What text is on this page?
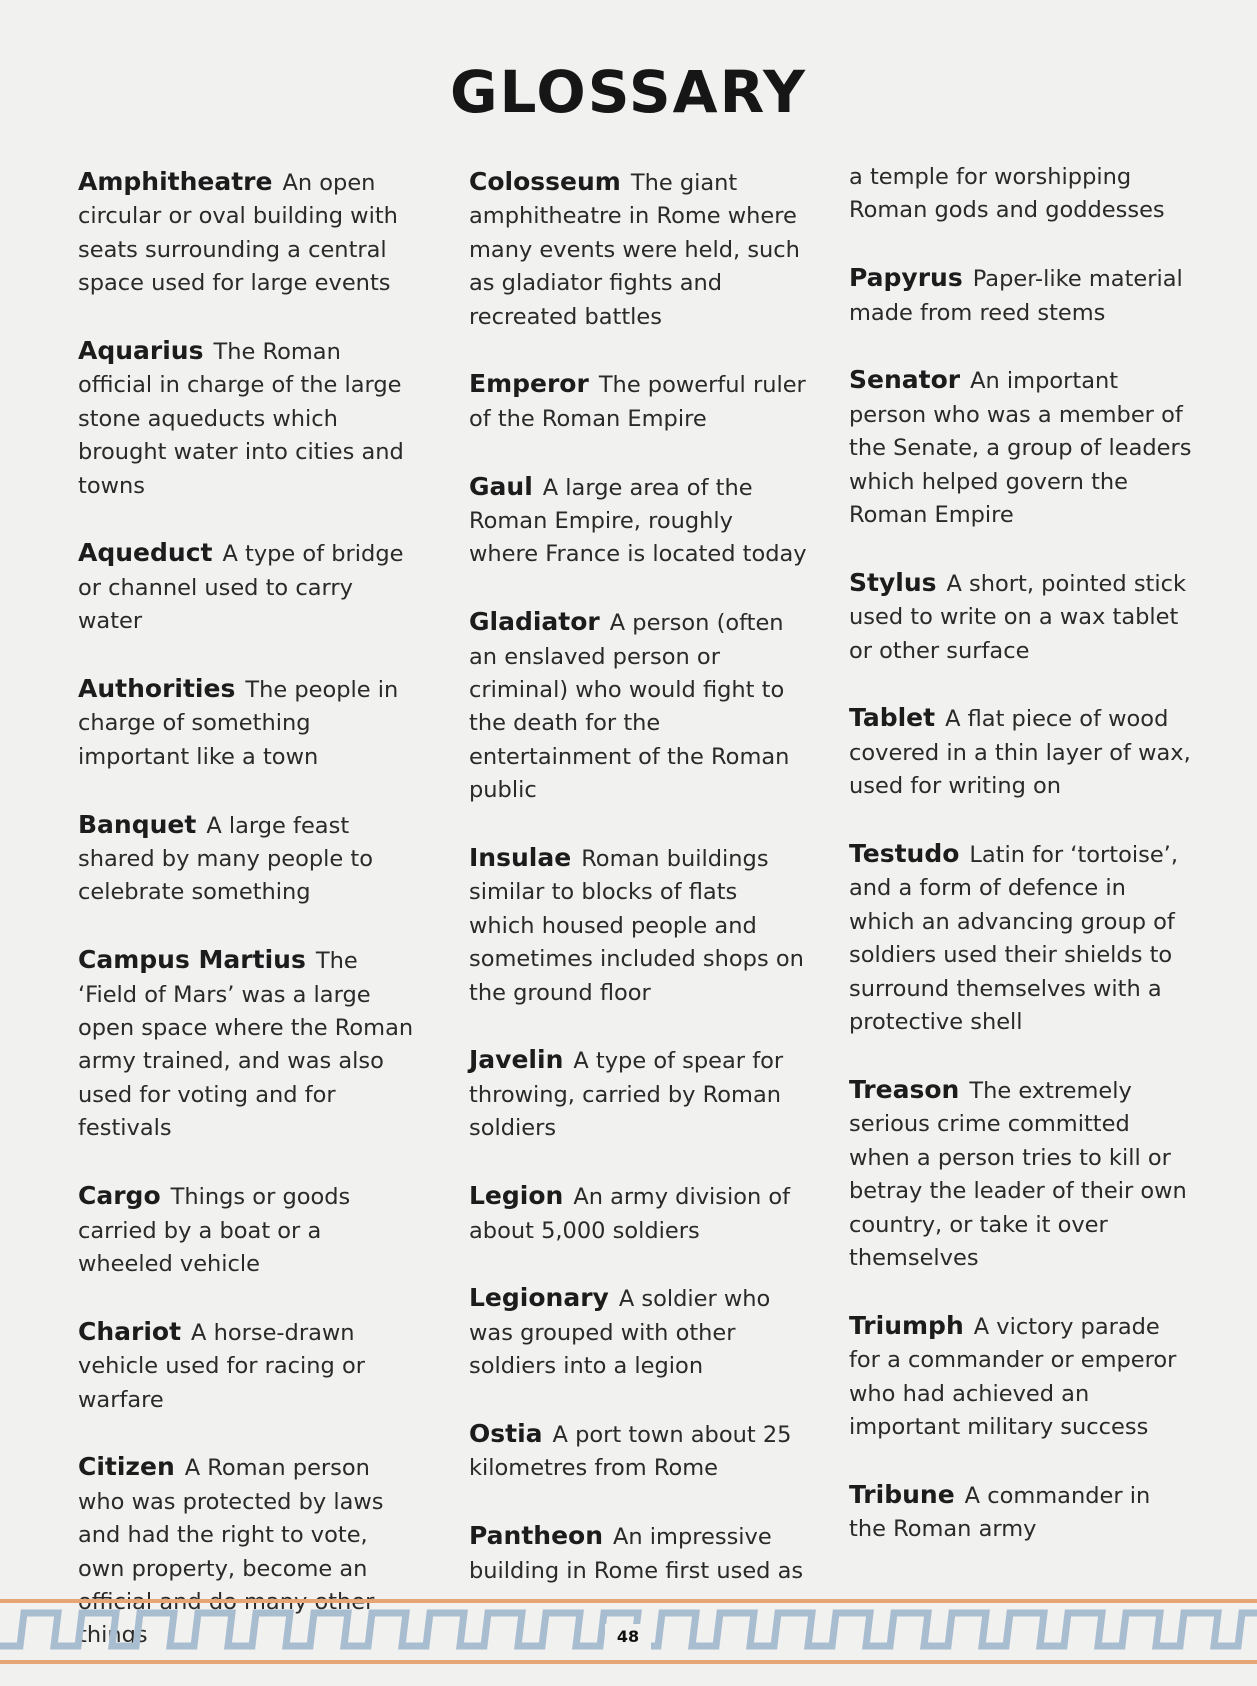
GLOSSARY
Amphitheatre An open circular or oval building with seats surrounding a central space used for large events
Aquarius The Roman official in charge of the large stone aqueducts which brought water into cities and towns
Aqueduct A type of bridge or channel used to carry water
Authorities The people in charge of something important like a town
Banquet A large feast shared by many people to celebrate something
Campus Martius The ‘Field of Mars’ was a large open space where the Roman army trained, and was also used for voting and for festivals
Cargo Things or goods carried by a boat or a wheeled vehicle
Chariot A horse-drawn vehicle used for racing or warfare
Citizen A Roman person who was protected by laws and had the right to vote, own property, become an official and do many other things
Colosseum The giant amphitheatre in Rome where many events were held, such as gladiator fights and recreated battles
Emperor The powerful ruler of the Roman Empire
Gaul A large area of the Roman Empire, roughly where France is located today
Gladiator A person (often an enslaved person or criminal) who would fight to the death for the entertainment of the Roman public
Insulae Roman buildings similar to blocks of flats which housed people and sometimes included shops on the ground floor
Javelin A type of spear for throwing, carried by Roman soldiers
Legion An army division of about 5,000 soldiers
Legionary A soldier who was grouped with other soldiers into a legion
Ostia A port town about 25 kilometres from Rome
Pantheon An impressive building in Rome first used as
a temple for worshipping Roman gods and goddesses
Papyrus Paper-like material made from reed stems
Senator An important person who was a member of the Senate, a group of leaders which helped govern the Roman Empire
Stylus A short, pointed stick used to write on a wax tablet or other surface
Tablet A flat piece of wood covered in a thin layer of wax, used for writing on
Testudo Latin for ‘tortoise’, and a form of defence in which an advancing group of soldiers used their shields to surround themselves with a protective shell
Treason The extremely serious crime committed when a person tries to kill or betray the leader of their own country, or take it over themselves
Triumph A victory parade for a commander or emperor who had achieved an important military success
Tribune A commander in the Roman army
48
